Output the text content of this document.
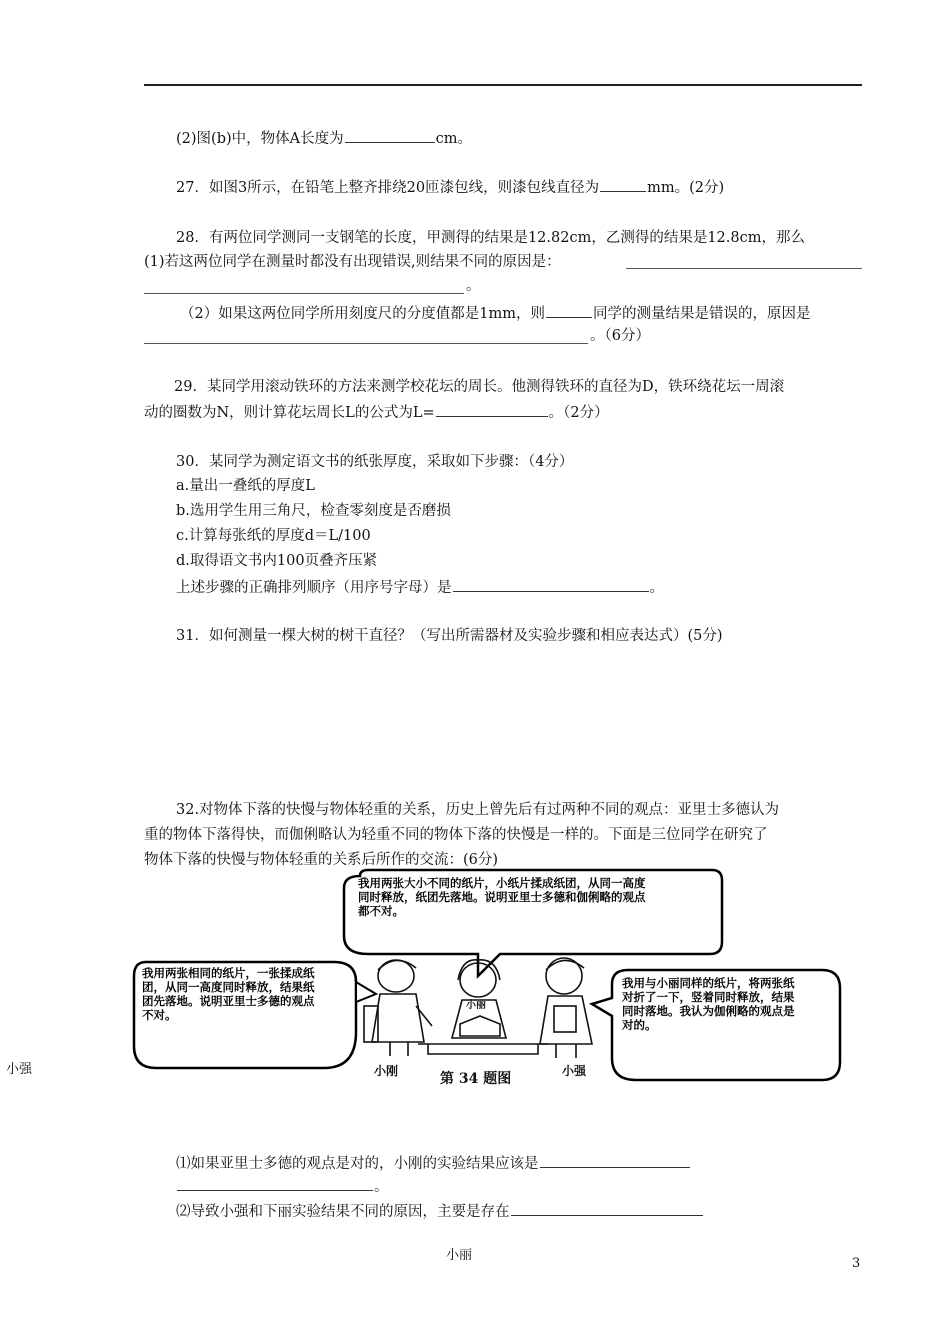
(2)图(b)中，物体A长度为	cm。
27．如图3所示，在铅笔上整齐排绕20匝漆包线，则漆包线直径为	mm。(2分)
28．有两位同学测同一支钢笔的长度，甲测得的结果是12.82cm，乙测得的结果是12.8cm，那么
(1)若这两位同学在测量时都没有出现错误,则结果不同的原因是：
。
（2）如果这两位同学所用刻度尺的分度值都是1mm，则	同学的测量结果是错误的，原因是
。（6分）
29．某同学用滚动铁环的方法来测学校花坛的周长。他测得铁环的直径为D，铁环绕花坛一周滚
动的圈数为N，则计算花坛周长L的公式为L=	。（2分）
30．某同学为测定语文书的纸张厚度，采取如下步骤：（4分）
a.量出一叠纸的厚度L
b.选用学生用三角尺，检查零刻度是否磨损
c.计算每张纸的厚度d＝L/100
d.取得语文书内100页叠齐压紧
上述步骤的正确排列顺序（用序号字母）是	。
31．如何测量一棵大树的树干直径？（写出所需器材及实验步骤和相应表达式）(5分)
32.对物体下落的快慢与物体轻重的关系，历史上曾先后有过两种不同的观点：亚里士多德认为
重的物体下落得快，而伽俐略认为轻重不同的物体下落的快慢是一样的。下面是三位同学在研究了
物体下落的快慢与物体轻重的关系后所作的交流：(6分)
我用两张大小不同的纸片，小纸片揉成纸团，从同一高度
同时释放，纸团先落地。说明亚里士多德和伽俐略的观点
都不对。
我用两张相同的纸片，一张揉成纸
团，从同一高度同时释放，结果纸
团先落地。说明亚里士多德的观点
不对。
我用与小丽同样的纸片，将两张纸
对折了一下，竖着同时释放，结果
同时落地。我认为伽俐略的观点是
对的。
小丽
小刚	小强
第 34 题图
小强
⑴如果亚里士多德的观点是对的，小刚的实验结果应该是
。
⑵导致小强和下丽实验结果不同的原因，主要是存在
小丽
3
